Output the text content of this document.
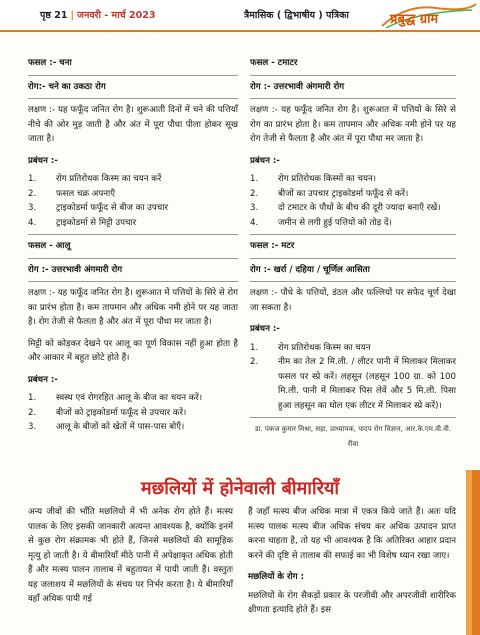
पृष्ठ 21 | जनवरी - मार्च 2023	त्रैमासिक ( द्विभाषीय ) पत्रिका	प्रबुद्ध ग्राम

फसल :- चना

रोग:- चने का उकठा रोग

लक्षण :- यह फफूँद जनित रोग है। शुरूआती दिनों में चने की पत्तियाँ नीचे की ओर मुड़ जाती है और अंत में पूरा पौधा पीला होकर सूख जाता है।

प्रबंधन :-

1. रोग प्रतिरोधक किस्म का चयन करें
2. फसल चक्र अपनाएँ
3. ट्राइकोडर्मा फफूँद से बीज का उपचार
4. ट्राइकोडर्मा से मिट्टी उपचार

फसल - आलू

रोग :- उत्तरभावी अंगमारी रोग

लक्षण :- यह फफूँद जनित रोग है। शुरूआत में पत्तियों के सिरे से रोग का प्रारंभ होता है। कम तापमान और अधिक नमी होने पर यह जाता है। रोग तेजी से फैलता है और अंत में पूरा पौधा मर जाता है।

मिट्टी को कोड़कर देखने पर आलू का पूर्ण विकास नहीं हुआ होता है और आकार में बहुत छोटे होते हैं।

प्रबंधन :-

1. स्वस्थ एवं रोगरहित आलू के बीज का चयन करें।
2. बीजों को ट्राइकोडर्मा फफूँद से उपचार करें।
3. आलू के बीजों को खेतों में पास-पास बोएँ।

फसल - टमाटर

रोग :- उत्तरभावी अंगमारी रोग

लक्षण :- यह फफूँद जनित रोग है। शुरूआत में पत्तियों के सिरे से रोग का प्रारंभ होता है। कम तापमान और अधिक नमी होने पर यह रोग तेजी से फैलता है और अंत में पूरा पौधा मर जाता है।

प्रबंधन :-

1. रोग प्रतिरोधक किस्मों का चयन।
2. बीजों का उपचार ट्राइकोडर्मा फफूँद से करें।
3. दो टमाटर के पौधों के बीच की दूरी ज्यादा बनाएँ रखें।
4. जमीन से लगी हुई पत्तियों को तोड़ दें।

फसल :- मटर

रोग :- खर्रा / दहिया / चूर्णिल आसिता

लक्षण :- पौधे के पत्तियों, डंठल और फल्लियों पर सफेद चूर्ण देखा जा सकता है।

प्रबंधन :-

1. रोग प्रतिरोधक किस्म का चयन
2. नीम का तेल 2 मि.ली. / लीटर पानी में मिलाकर मिलाकर फसल पर स्प्रे करें। लहसून (लहसून 100 ग्रा. को 100 मि.ली. पानी में मिलाकर पिस लेवें और 5 मि.ली. पिसा हुआ लहसून का घोल एक लीटर में मिलाकर स्प्रे करें)।

डा. पंकज कुमार मिश्रा, सहा. प्राध्यापक, पादप रोग विज्ञान, आर.के.एम.वी.वी. रीवा

मछलियों में होनेवाली बीमारियाँ
अन्य जीवों की भाँति मछलियों में भी अनेक रोग होते हैं। मत्स्य पालक के लिए इसकी जानकारी अत्यन्त आवश्यक है, क्योंकि इनमें से कुछ रोग संक्रामक भी होते हैं, जिनसे मछलियों की सामूहिक मृत्यु हो जाती है। ये बीमारियाँ मीठे पानी में अपेक्षाकृत अधिक होती हैं और मत्स्य पालन तालाब में बहुतायत में पायी जाती हैं। वस्तुतः यह जलाशय में मछलियों के संचय पर निर्भर करता है। ये बीमारियाँ वहाँ अधिक पायी गई

हैं जहाँ मत्स्य बीज अधिक मात्रा में एकत्र किये जाते हैं। अतः यदि मत्स्य पालक मत्स्य बीज अधिक संचय कर अधिक उत्पादन प्राप्त करना चाहता है, तो यह भी आवश्यक है कि अतिरिक्त आहार प्रदान करने की दृष्टि से तालाब की सफाई का भी विशेष ध्यान रखा जाए।

मछलियों के रोग :

मछलियों के रोग सैकड़ों प्रकार के परजीवी और अपरजीवी शारीरिक क्षीणता इत्यादि होते हैं। इस
